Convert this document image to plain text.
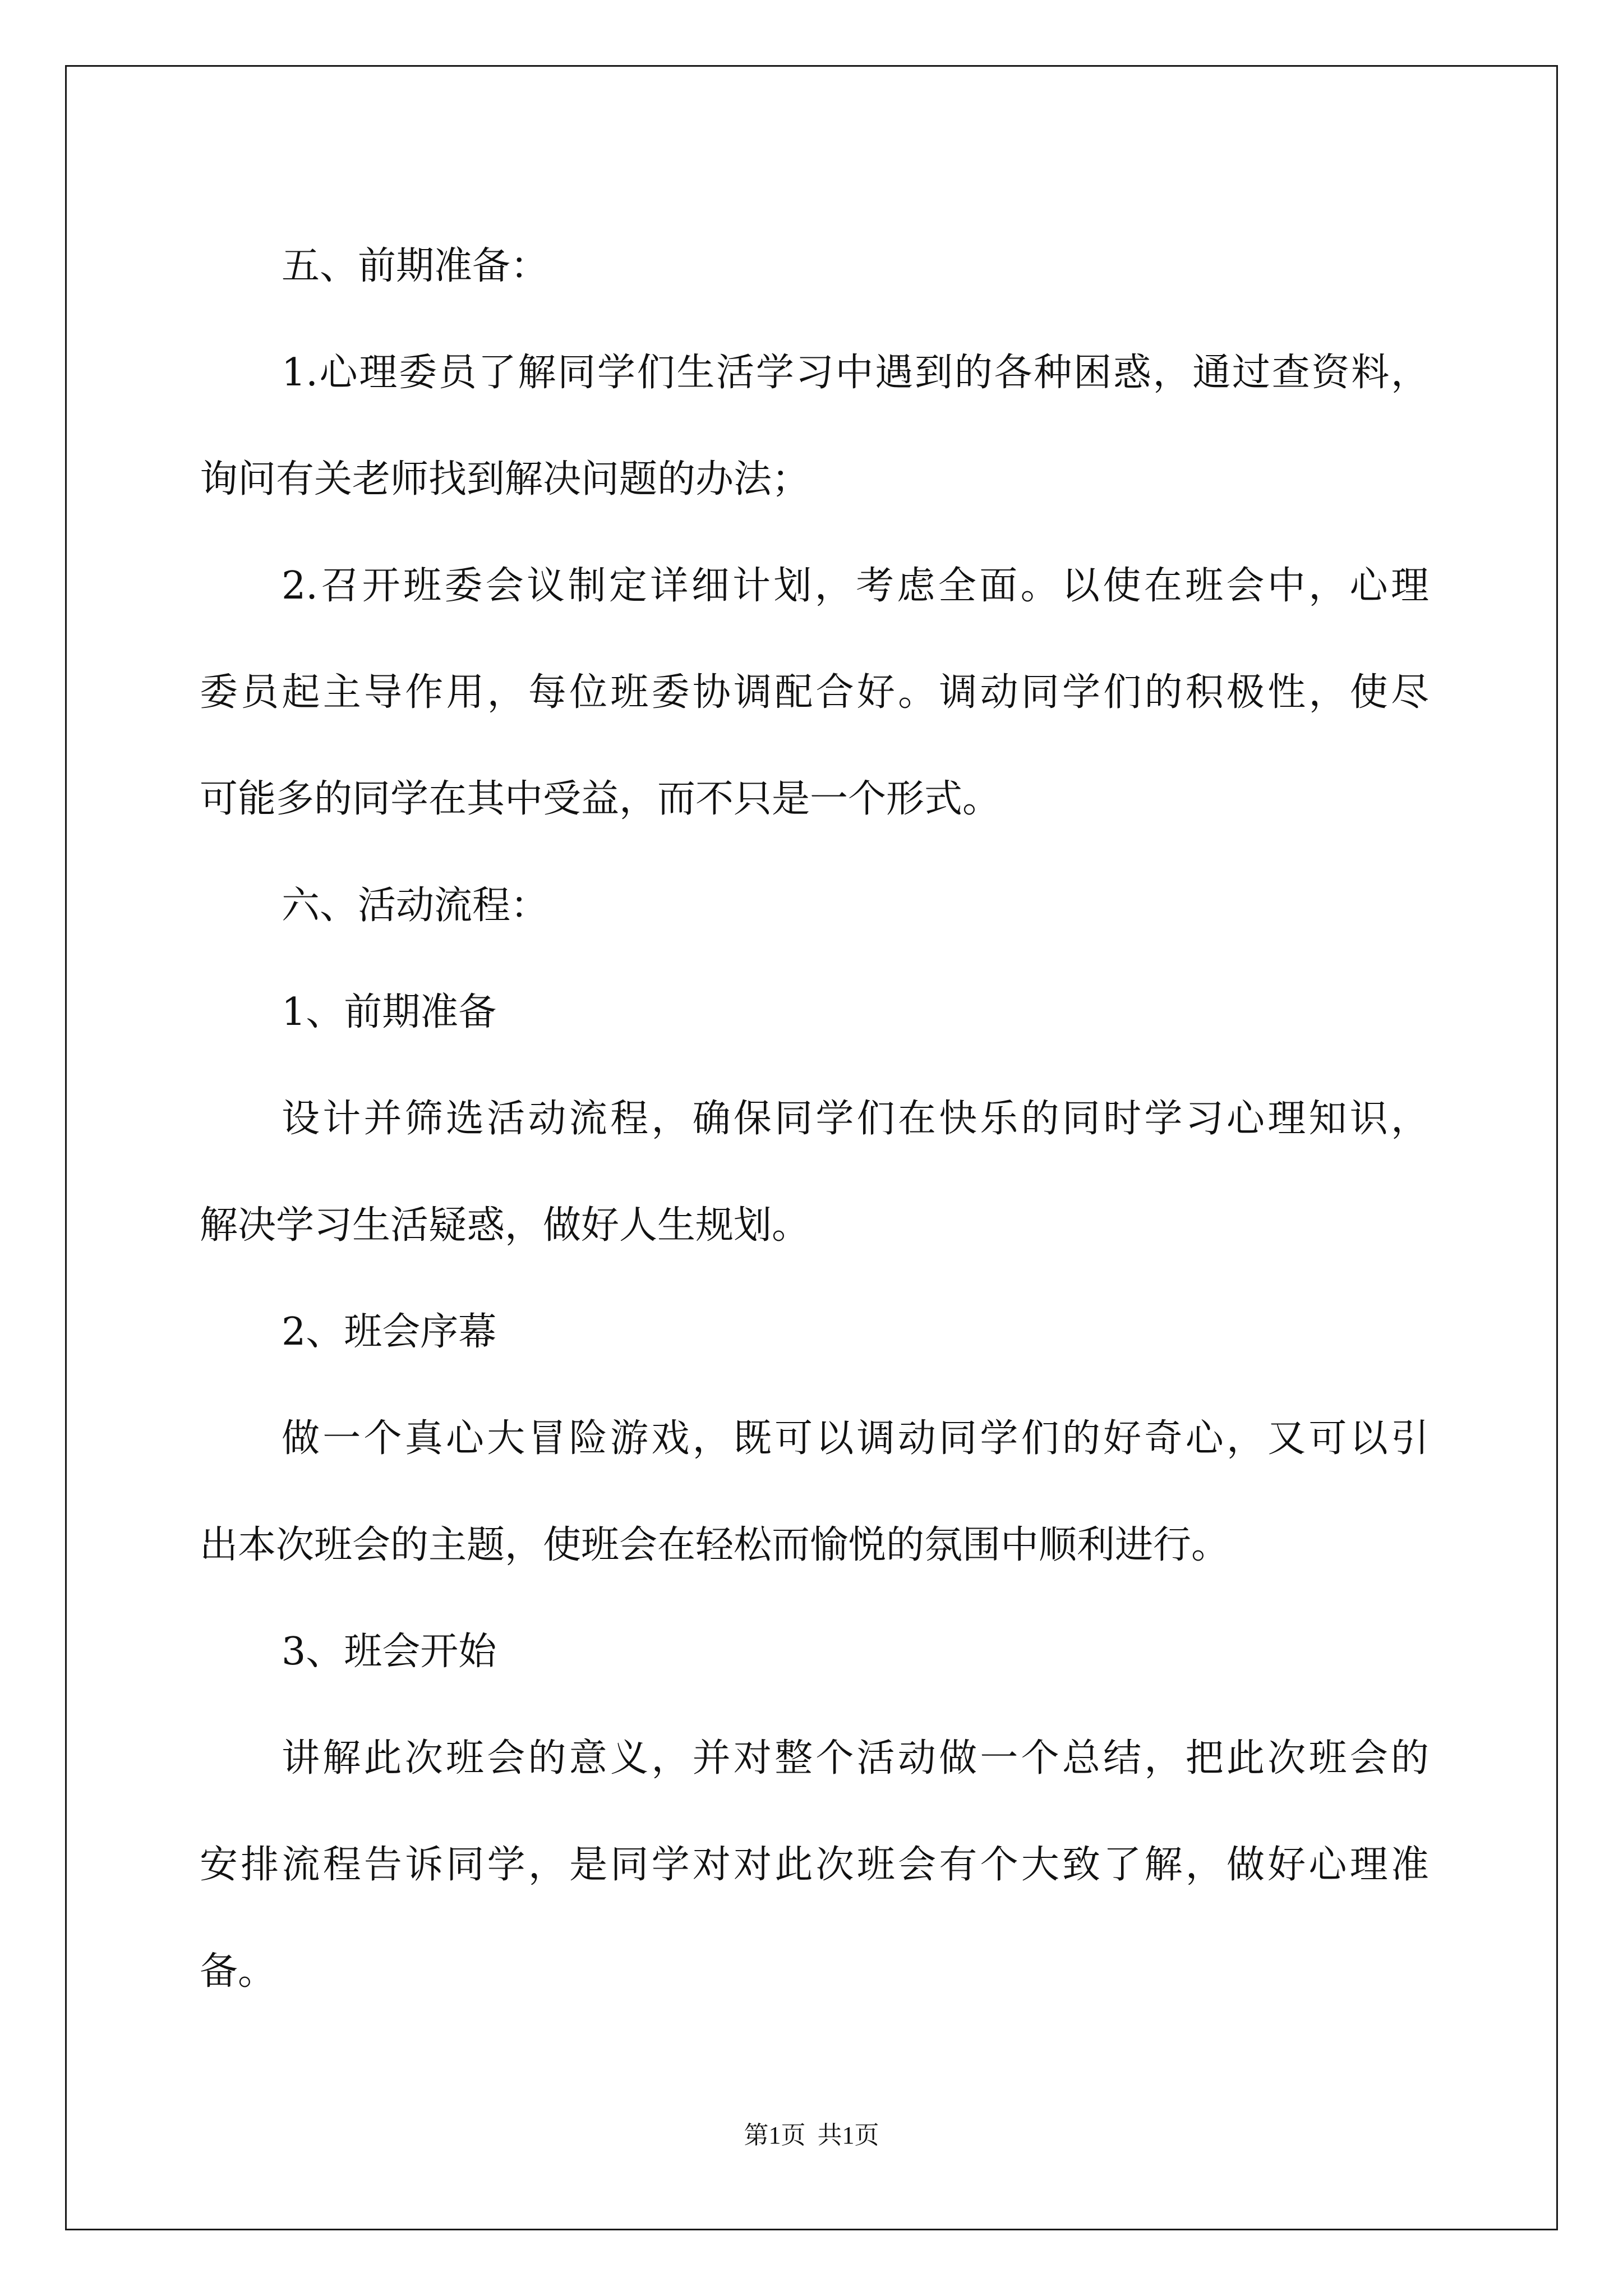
五、前期准备：
1.心理委员了解同学们生活学习中遇到的各种困惑，通过查资料，
询问有关老师找到解决问题的办法；
2.召开班委会议制定详细计划，考虑全面。以使在班会中，心理
委员起主导作用，每位班委协调配合好。调动同学们的积极性，使尽
可能多的同学在其中受益，而不只是一个形式。
六、活动流程：
1、前期准备
设计并筛选活动流程，确保同学们在快乐的同时学习心理知识，
解决学习生活疑惑，做好人生规划。
2、班会序幕
做一个真心大冒险游戏，既可以调动同学们的好奇心，又可以引
出本次班会的主题，使班会在轻松而愉悦的氛围中顺利进行。
3、班会开始
讲解此次班会的意义，并对整个活动做一个总结，把此次班会的
安排流程告诉同学，是同学对对此次班会有个大致了解，做好心理准
备。
第1页 共1页
